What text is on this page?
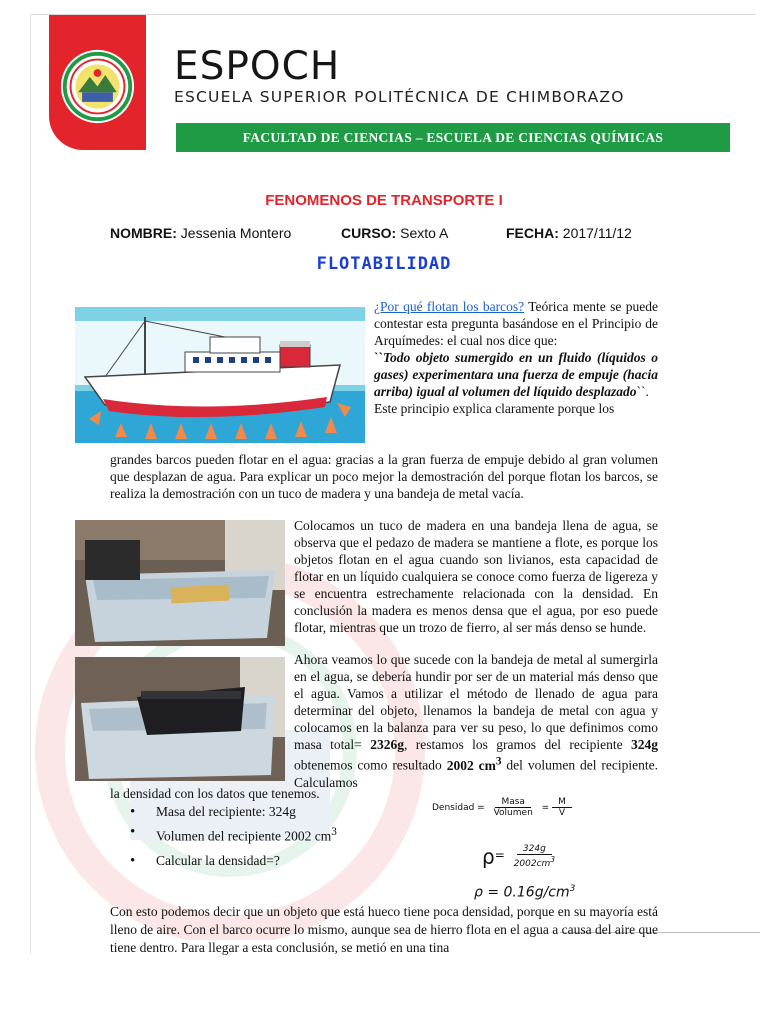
ESPOCH
ESCUELA SUPERIOR POLITÉCNICA DE CHIMBORAZO
FACULTAD DE CIENCIAS – ESCUELA DE CIENCIAS QUÍMICAS
FENOMENOS DE TRANSPORTE I
NOMBRE: Jessenia Montero	CURSO: Sexto A	FECHA: 2017/11/12
FLOTABILIDAD
¿Por qué flotan los barcos? Teórica mente se puede contestar esta pregunta basándose en el Principio de Arquímedes: el cual nos dice que:
``Todo objeto sumergido en un fluido (líquidos o gases) experimentara una fuerza de empuje (hacia arriba) igual al volumen del líquido desplazado``.
Este principio explica claramente porque los
grandes barcos pueden flotar en el agua: gracias a la gran fuerza de empuje debido al gran volumen que desplazan de agua. Para explicar un poco mejor la demostración del porque flotan los barcos, se realiza la demostración con un tuco de madera y una bandeja de metal vacía.
Colocamos un tuco de madera en una bandeja llena de agua, se observa que el pedazo de madera se mantiene a flote, es porque los objetos flotan en el agua cuando son livianos, esta capacidad de flotar en un líquido cualquiera se conoce como fuerza de ligereza y se encuentra estrechamente relacionada con la densidad. En conclusión la madera es menos densa que el agua, por eso puede flotar, mientras que un trozo de fierro, al ser más denso se hunde.
Ahora veamos lo que sucede con la bandeja de metal al sumergirla en el agua, se debería hundir por ser de un material más denso que el agua. Vamos a utilizar el método de llenado de agua para determinar del objeto, llenamos la bandeja de metal con agua y colocamos en la balanza para ver su peso, lo que definimos como masa total= 2326g, restamos los gramos del recipiente 324g obtenemos como resultado 2002 $cm^3$ del volumen del recipiente. Calculamos
la densidad con los datos que tenemos.
• Masa del recipiente: 324g
• Volumen del recipiente 2002 $cm^3$
• Calcular la densidad=?
Densidad = $\frac{\text{Masa}}{\text{Volumen}} = \frac{M}{V}$
$\rho= \frac{324g}{2002cm^3}$
$\rho = 0.16g/cm^3$
Con esto podemos decir que un objeto que está hueco tiene poca densidad, porque en su mayoría está lleno de aire. Con el barco ocurre lo mismo, aunque sea de hierro flota en el agua a causa del aire que tiene dentro. Para llegar a esta conclusión, se metió en una tina
